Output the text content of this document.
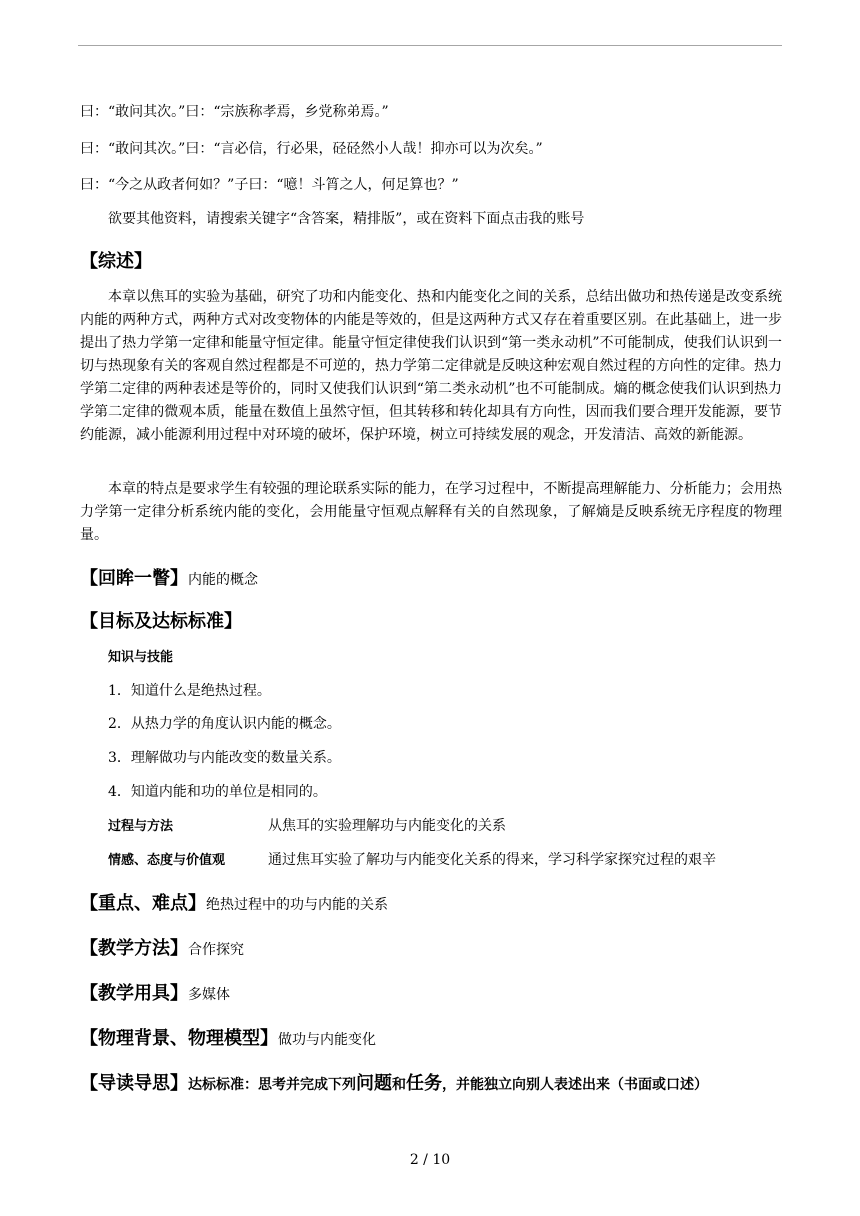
曰：“敢问其次。”曰：“宗族称孝焉，乡党称弟焉。”
曰：“敢问其次。”曰：“言必信，行必果，硁硁然小人哉！抑亦可以为次矣。”
曰：“今之从政者何如？”子曰：“噫！斗筲之人，何足算也？”
欲要其他资料，请搜索关键字“含答案，精排版”，或在资料下面点击我的账号
【综述】
本章以焦耳的实验为基础，研究了功和内能变化、热和内能变化之间的关系，总结出做功和热传递是改变系统内能的两种方式，两种方式对改变物体的内能是等效的，但是这两种方式又存在着重要区别。在此基础上，进一步提出了热力学第一定律和能量守恒定律。能量守恒定律使我们认识到“第一类永动机”不可能制成，使我们认识到一切与热现象有关的客观自然过程都是不可逆的，热力学第二定律就是反映这种宏观自然过程的方向性的定律。热力学第二定律的两种表述是等价的，同时又使我们认识到“第二类永动机”也不可能制成。熵的概念使我们认识到热力学第二定律的微观本质，能量在数值上虽然守恒，但其转移和转化却具有方向性，因而我们要合理开发能源，要节约能源，减小能源利用过程中对环境的破坏，保护环境，树立可持续发展的观念，开发清洁、高效的新能源。
本章的特点是要求学生有较强的理论联系实际的能力，在学习过程中，不断提高理解能力、分析能力；会用热力学第一定律分析系统内能的变化，会用能量守恒观点解释有关的自然现象，了解熵是反映系统无序程度的物理量。
【回眸一瞥】内能的概念
【目标及达标标准】
知识与技能
1．知道什么是绝热过程。
2．从热力学的角度认识内能的概念。
3．理解做功与内能改变的数量关系。
4．知道内能和功的单位是相同的。
过程与方法	从焦耳的实验理解功与内能变化的关系
情感、态度与价值观	通过焦耳实验了解功与内能变化关系的得来，学习科学家探究过程的艰辛
【重点、难点】绝热过程中的功与内能的关系
【教学方法】合作探究
【教学用具】多媒体
【物理背景、物理模型】做功与内能变化
【导读导思】达标标准：思考并完成下列问题和任务，并能独立向别人表述出来（书面或口述）
2 / 10
